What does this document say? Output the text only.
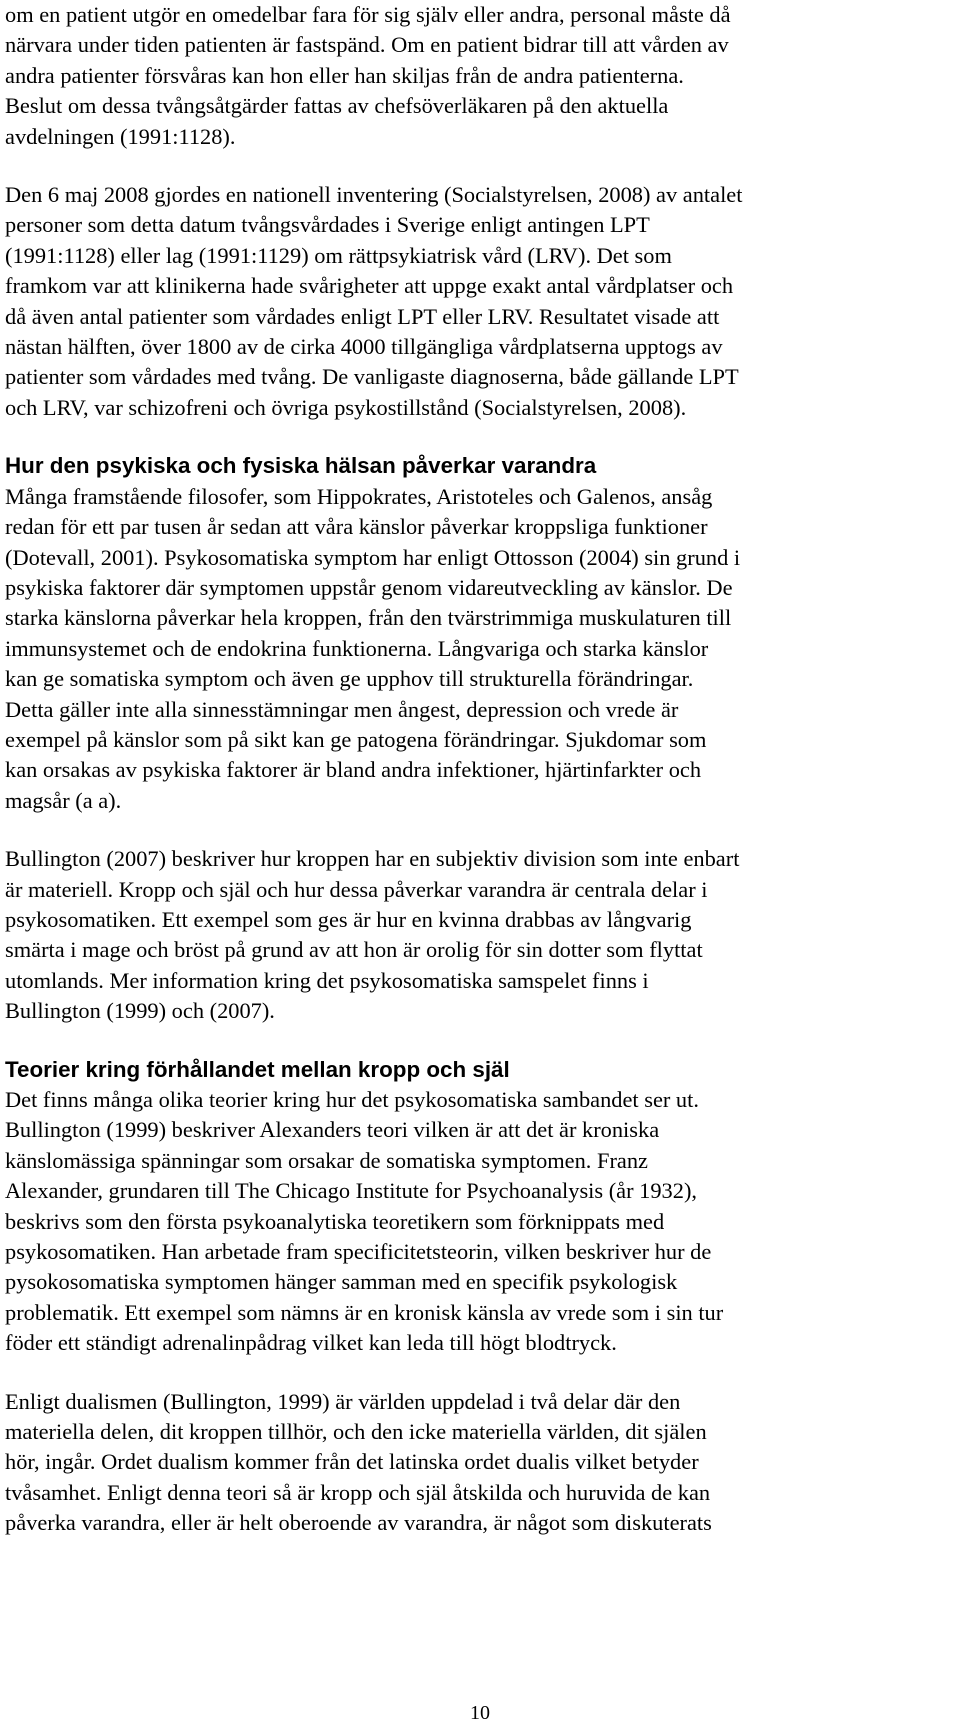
om en patient utgör en omedelbar fara för sig själv eller andra, personal måste då
närvara under tiden patienten är fastspänd. Om en patient bidrar till att vården av
andra patienter försvåras kan hon eller han skiljas från de andra patienterna.
Beslut om dessa tvångsåtgärder fattas av chefsöverläkaren på den aktuella
avdelningen (1991:1128).

Den 6 maj 2008 gjordes en nationell inventering (Socialstyrelsen, 2008) av antalet
personer som detta datum tvångsvårdades i Sverige enligt antingen LPT
(1991:1128) eller lag (1991:1129) om rättpsykiatrisk vård (LRV). Det som
framkom var att klinikerna hade svårigheter att uppge exakt antal vårdplatser och
då även antal patienter som vårdades enligt LPT eller LRV. Resultatet visade att
nästan hälften, över 1800 av de cirka 4000 tillgängliga vårdplatserna upptogs av
patienter som vårdades med tvång. De vanligaste diagnoserna, både gällande LPT
och LRV, var schizofreni och övriga psykostillstånd (Socialstyrelsen, 2008).

Hur den psykiska och fysiska hälsan påverkar varandra

Många framstående filosofer, som Hippokrates, Aristoteles och Galenos, ansåg
redan för ett par tusen år sedan att våra känslor påverkar kroppsliga funktioner
(Dotevall, 2001). Psykosomatiska symptom har enligt Ottosson (2004) sin grund i
psykiska faktorer där symptomen uppstår genom vidareutveckling av känslor. De
starka känslorna påverkar hela kroppen, från den tvärstrimmiga muskulaturen till
immunsystemet och de endokrina funktionerna. Långvariga och starka känslor
kan ge somatiska symptom och även ge upphov till strukturella förändringar.
Detta gäller inte alla sinnesstämningar men ångest, depression och vrede är
exempel på känslor som på sikt kan ge patogena förändringar. Sjukdomar som
kan orsakas av psykiska faktorer är bland andra infektioner, hjärtinfarkter och
magsår (a a).

Bullington (2007) beskriver hur kroppen har en subjektiv division som inte enbart
är materiell. Kropp och själ och hur dessa påverkar varandra är centrala delar i
psykosomatiken. Ett exempel som ges är hur en kvinna drabbas av långvarig
smärta i mage och bröst på grund av att hon är orolig för sin dotter som flyttat
utomlands. Mer information kring det psykosomatiska samspelet finns i
Bullington (1999) och (2007).

Teorier kring förhållandet mellan kropp och själ

Det finns många olika teorier kring hur det psykosomatiska sambandet ser ut.
Bullington (1999) beskriver Alexanders teori vilken är att det är kroniska
känslomässiga spänningar som orsakar de somatiska symptomen. Franz
Alexander, grundaren till The Chicago Institute for Psychoanalysis (år 1932),
beskrivs som den första psykoanalytiska teoretikern som förknippats med
psykosomatiken. Han arbetade fram specificitetsteorin, vilken beskriver hur de
pysokosomatiska symptomen hänger samman med en specifik psykologisk
problematik. Ett exempel som nämns är en kronisk känsla av vrede som i sin tur
föder ett ständigt adrenalinpådrag vilket kan leda till högt blodtryck.

Enligt dualismen (Bullington, 1999) är världen uppdelad i två delar där den
materiella delen, dit kroppen tillhör, och den icke materiella världen, dit själen
hör, ingår. Ordet dualism kommer från det latinska ordet dualis vilket betyder
tvåsamhet. Enligt denna teori så är kropp och själ åtskilda och huruvida de kan
påverka varandra, eller är helt oberoende av varandra, är något som diskuterats

10
